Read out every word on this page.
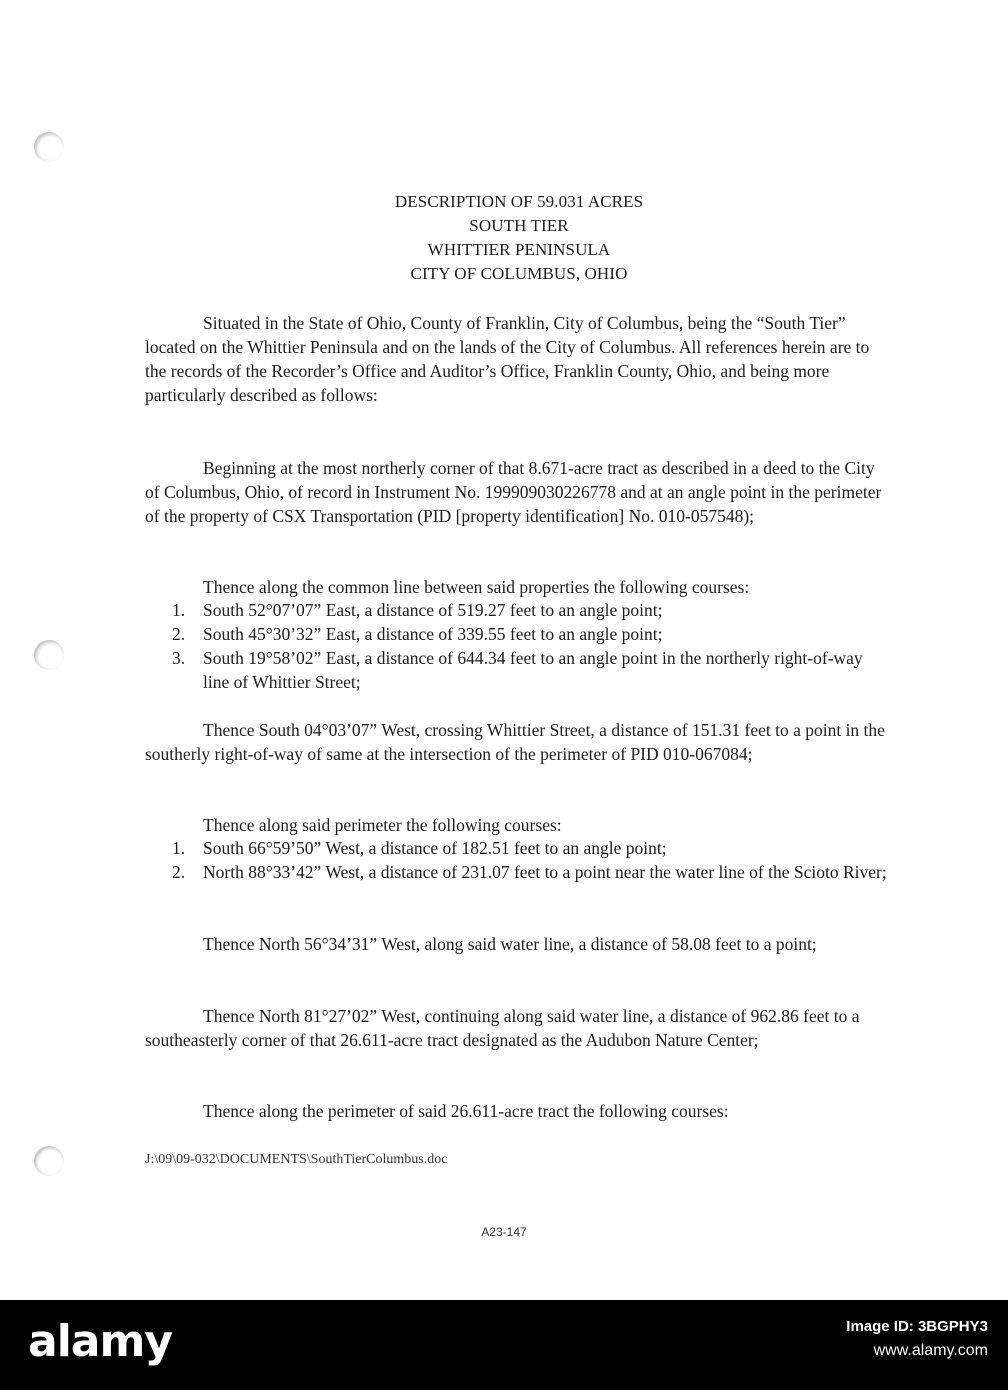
DESCRIPTION OF 59.031 ACRES
SOUTH TIER
WHITTIER PENINSULA
CITY OF COLUMBUS, OHIO
Situated in the State of Ohio, County of Franklin, City of Columbus, being the “South Tier” located on the Whittier Peninsula and on the lands of the City of Columbus. All references herein are to the records of the Recorder’s Office and Auditor’s Office, Franklin County, Ohio, and being more particularly described as follows:
Beginning at the most northerly corner of that 8.671-acre tract as described in a deed to the City of Columbus, Ohio, of record in Instrument No. 199909030226778 and at an angle point in the perimeter of the property of CSX Transportation (PID [property identification] No. 010-057548);
Thence along the common line between said properties the following courses:
1. South 52°07’07” East, a distance of 519.27 feet to an angle point;
2. South 45°30’32” East, a distance of 339.55 feet to an angle point;
3. South 19°58’02” East, a distance of 644.34 feet to an angle point in the northerly right-of-way line of Whittier Street;
Thence South 04°03’07” West, crossing Whittier Street, a distance of 151.31 feet to a point in the southerly right-of-way of same at the intersection of the perimeter of PID 010-067084;
Thence along said perimeter the following courses:
1. South 66°59’50” West, a distance of 182.51 feet to an angle point;
2. North 88°33’42” West, a distance of 231.07 feet to a point near the water line of the Scioto River;
Thence North 56°34’31” West, along said water line, a distance of 58.08 feet to a point;
Thence North 81°27’02” West, continuing along said water line, a distance of 962.86 feet to a southeasterly corner of that 26.611-acre tract designated as the Audubon Nature Center;
Thence along the perimeter of said 26.611-acre tract the following courses:
J:\09\09-032\DOCUMENTS\SouthTierColumbus.doc
A23-147
alamy	Image ID: 3BGPHY3
www.alamy.com
